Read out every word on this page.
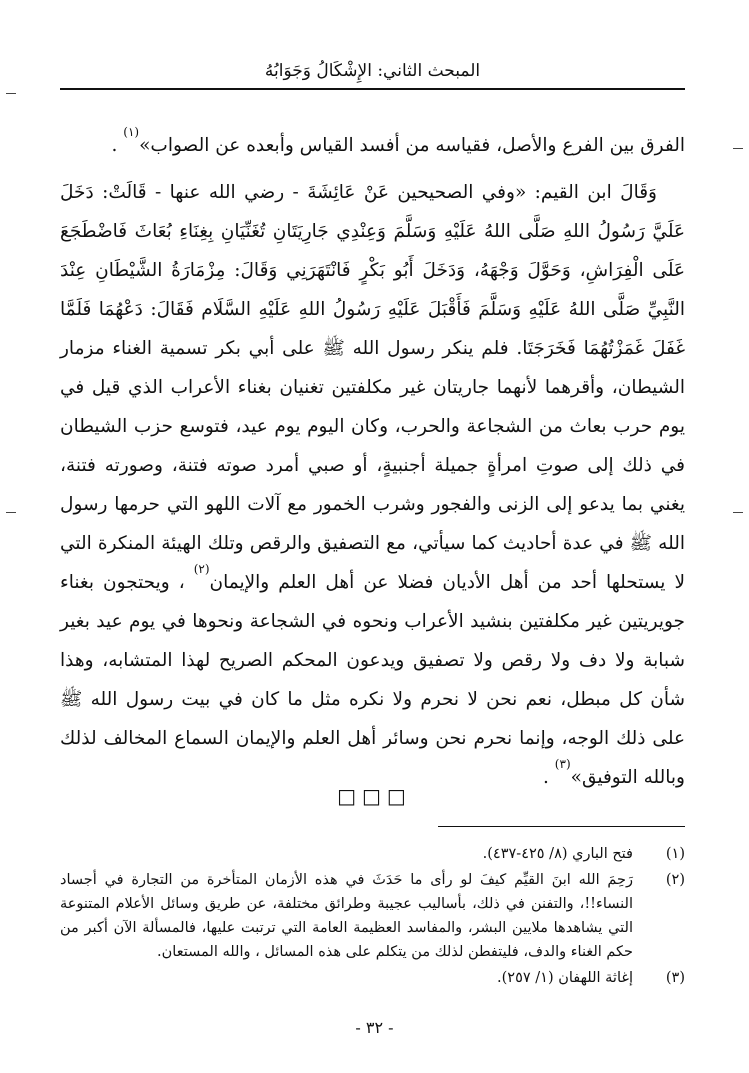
المبحث الثاني: الإِشْكَالُ وَجَوَابُهُ

الفرق بين الفرع والأصل، فقياسه من أفسد القياس وأبعده عن الصواب»$^{(١)}$ .

وَقَالَ ابن القيم: «وفي الصحيحين عَنْ عَائِشَةَ - رضي الله عنها - قَالَتْ: دَخَلَ عَلَيَّ رَسُولُ اللهِ صَلَّى اللهُ عَلَيْهِ وَسَلَّمَ وَعِنْدِي جَارِيَتَانِ تُغَنِّيَانِ بِغِنَاءِ بُعَاثَ فَاضْطَجَعَ عَلَى الْفِرَاشِ، وَحَوَّلَ وَجْهَهُ، وَدَخَلَ أَبُو بَكْرٍ فَانْتَهَرَنِي وَقَالَ: مِزْمَارَةُ الشَّيْطَانِ عِنْدَ النَّبِيِّ صَلَّى اللهُ عَلَيْهِ وَسَلَّمَ فَأَقْبَلَ عَلَيْهِ رَسُولُ اللهِ عَلَيْهِ السَّلَام فَقَالَ: دَعْهُمَا فَلَمَّا غَفَلَ غَمَزْتُهُمَا فَخَرَجَتَا. فلم ينكر رسول الله ﷺ على أبي بكر تسمية الغناء مزمار الشيطان، وأقرهما لأنهما جاريتان غير مكلفتين تغنيان بغناء الأعراب الذي قيل في يوم حرب بعاث من الشجاعة والحرب، وكان اليوم يوم عيد، فتوسع حزب الشيطان في ذلك إلى صوتِ امرأةٍ جميلة أجنبيةٍ، أو صبي أمرد صوته فتنة، وصورته فتنة، يغني بما يدعو إلى الزنى والفجور وشرب الخمور مع آلات اللهو التي حرمها رسول الله ﷺ في عدة أحاديث كما سيأتي، مع التصفيق والرقص وتلك الهيئة المنكرة التي لا يستحلها أحد من أهل الأديان فضلا عن أهل العلم والإيمان$^{(٢)}$ ، ويحتجون بغناء جويريتين غير مكلفتين بنشيد الأعراب ونحوه في الشجاعة ونحوها في يوم عيد بغير شبابة ولا دف ولا رقص ولا تصفيق ويدعون المحكم الصريح لهذا المتشابه، وهذا شأن كل مبطل، نعم نحن لا نحرم ولا نكره مثل ما كان في بيت رسول الله ﷺ على ذلك الوجه، وإنما نحرم نحن وسائر أهل العلم والإيمان السماع المخالف لذلك وبالله التوفيق»$^{(٣)}$ .

□□□
(١)
فتح الباري (٨/ ٤٢٥-٤٣٧).
(٢)
رَحِمَ الله ابنَ القيِّم كيفَ لو رأى ما حَدَثَ في هذه الأزمان المتأخرة من التجارة في أجساد النساء!!، والتفنن في ذلك، بأساليب عجيبة وطرائق مختلفة، عن طريق وسائل الأعلام المتنوعة التي يشاهدها ملايين البشر، والمفاسد العظيمة العامة التي ترتبت عليها، فالمسألة الآن أكبر من حكم الغناء والدف، فليتفطن لذلك من يتكلم على هذه المسائل ، والله المستعان.
(٣)
إغاثة اللهفان (١/ ٢٥٧).
- ٣٢ -
